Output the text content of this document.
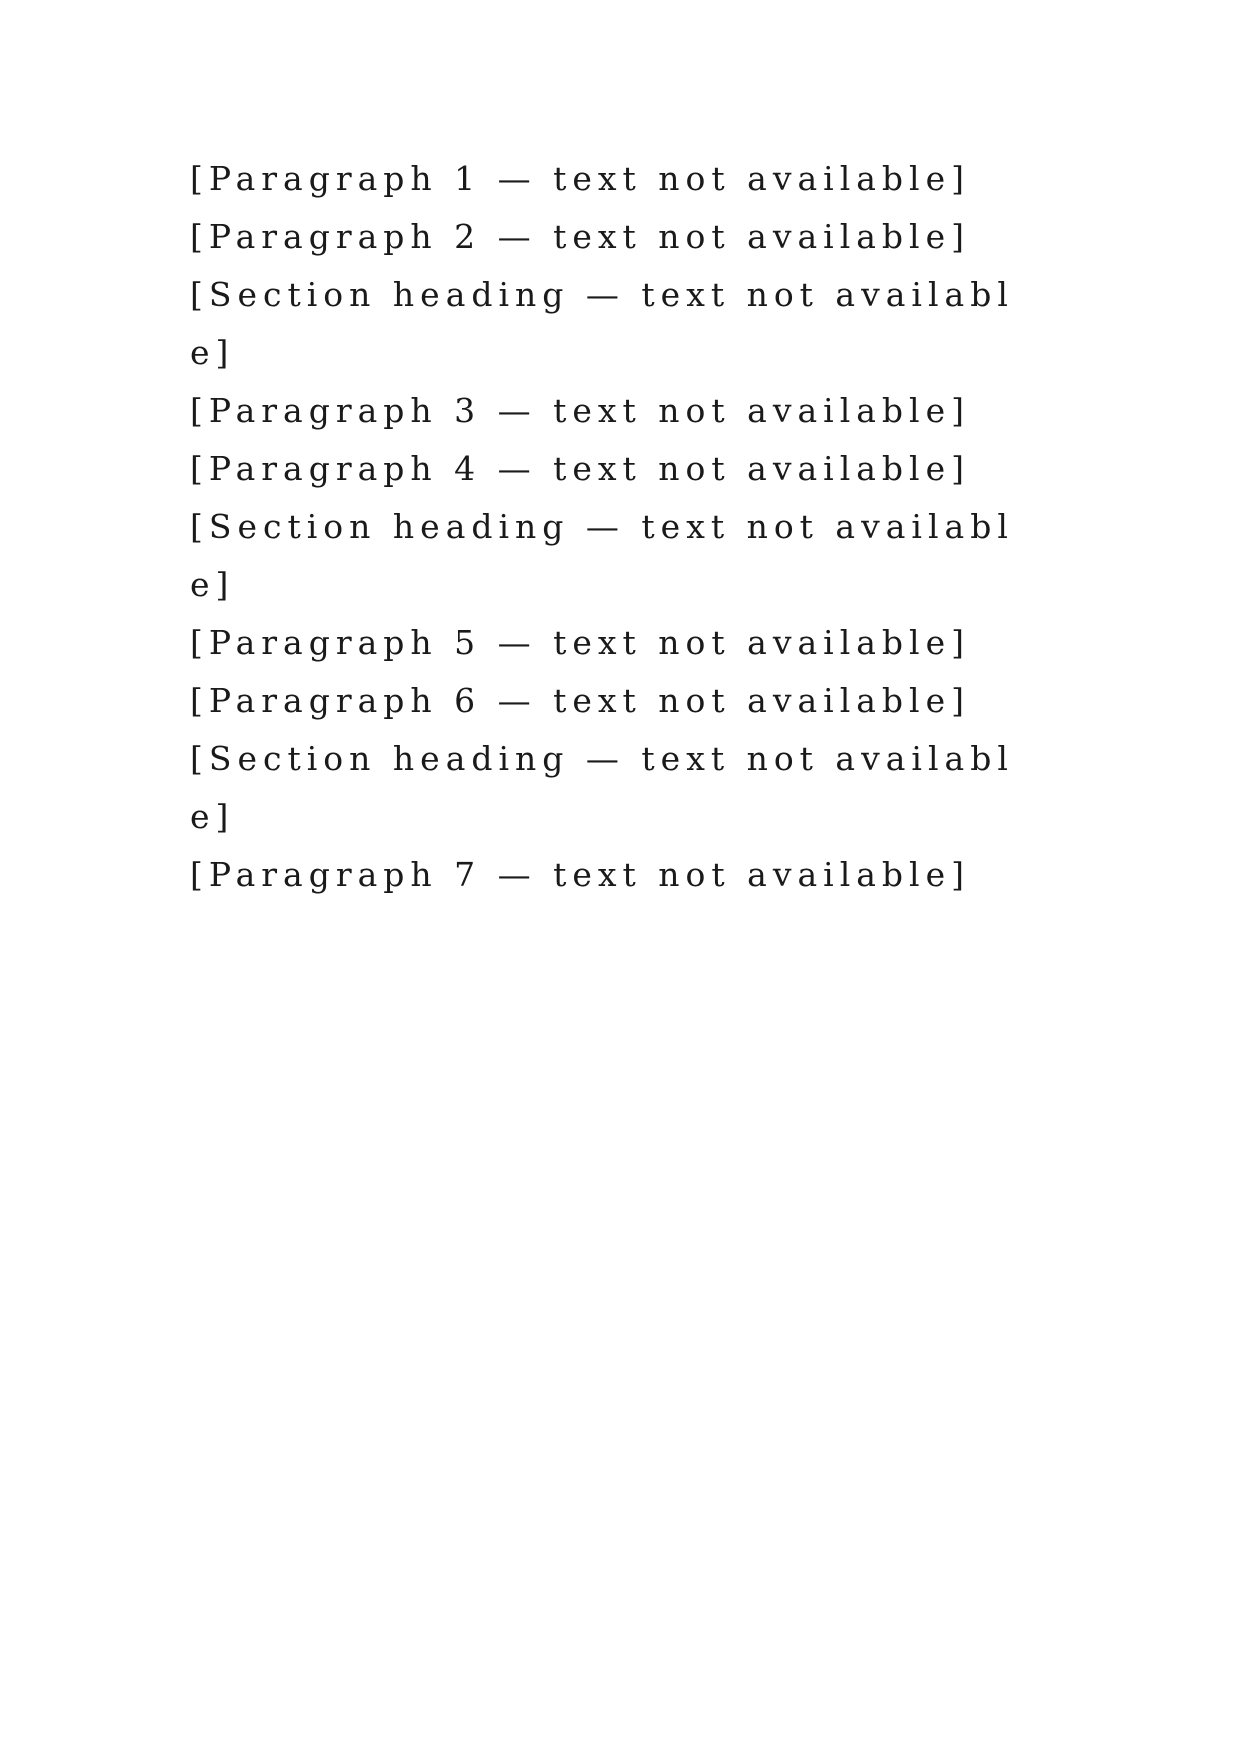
[Paragraph 1 — text not available]

[Paragraph 2 — text not available]

[Section heading — text not available]

[Paragraph 3 — text not available]

[Paragraph 4 — text not available]

[Section heading — text not available]

[Paragraph 5 — text not available]

[Paragraph 6 — text not available]

[Section heading — text not available]

[Paragraph 7 — text not available]
